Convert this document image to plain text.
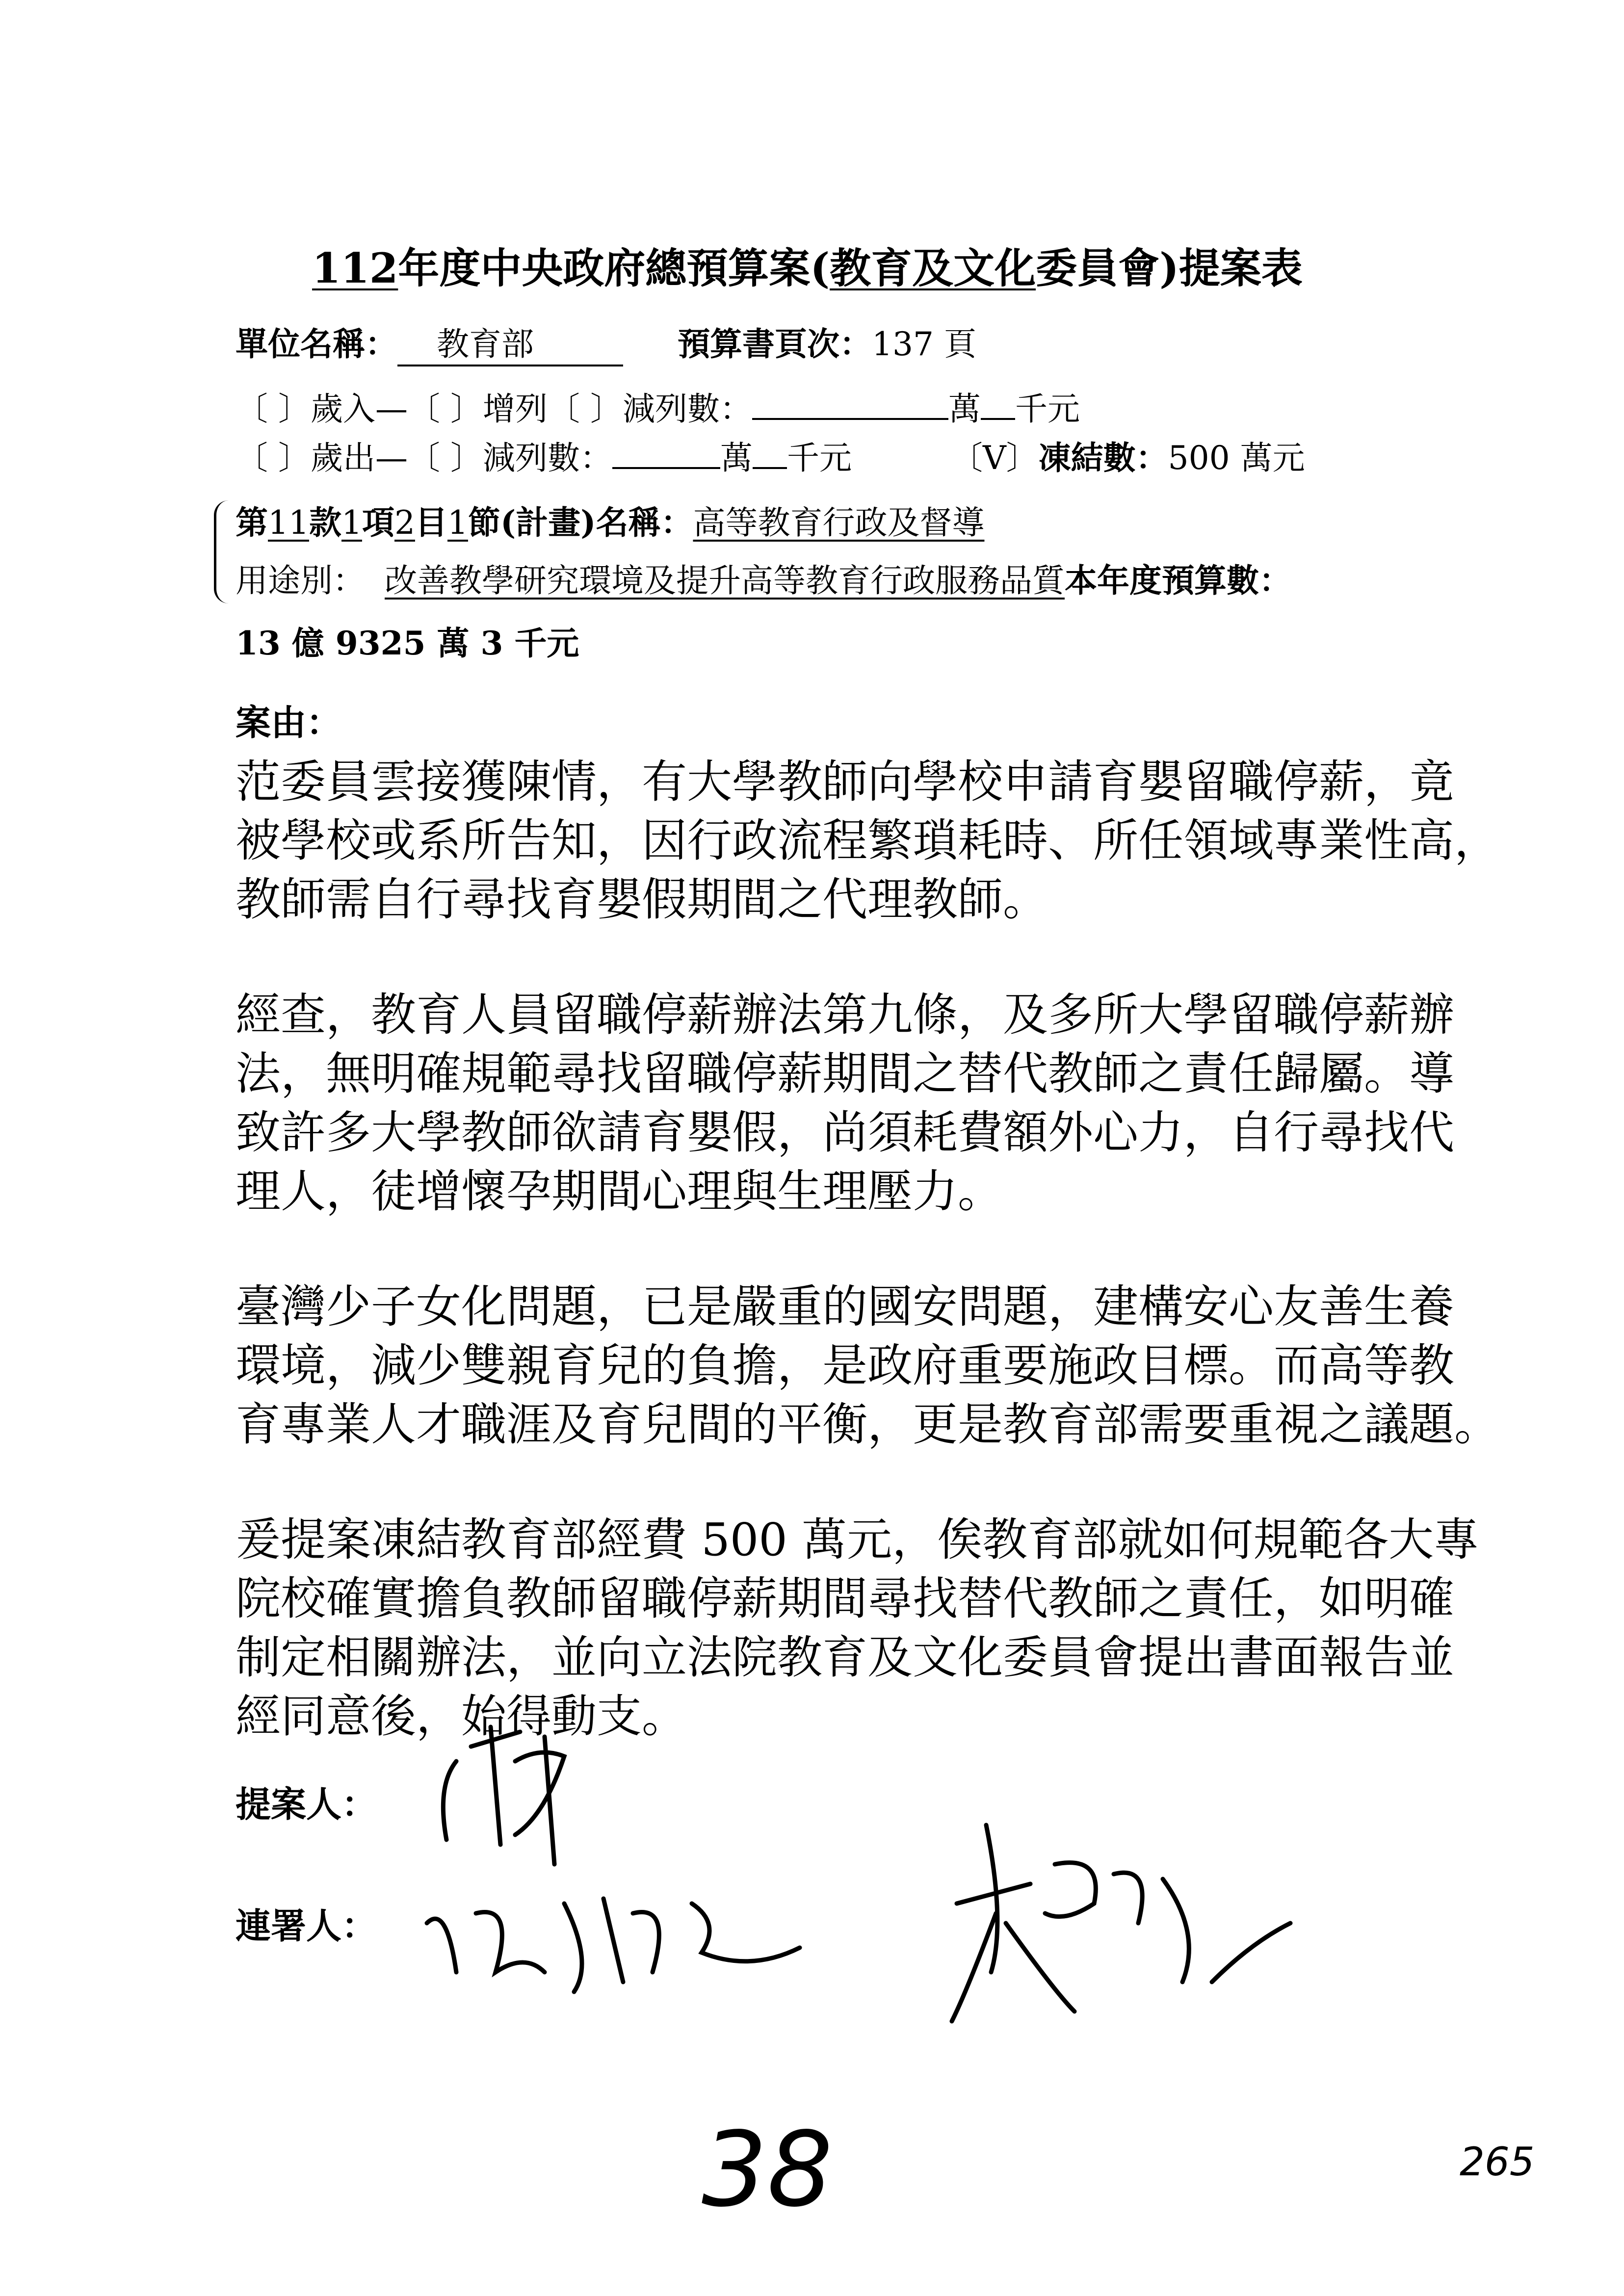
112年度中央政府總預算案(教育及文化委員會)提案表
單位名稱： 教育部	預算書頁次：137 頁
〔 〕歲入—〔 〕增列〔 〕減列數：	萬 千元
〔 〕歲出—〔 〕減列數：	萬 千元	〔V〕凍結數：500 萬元
第11款1項2目1節(計畫)名稱：高等教育行政及督導
用途別： 改善教學研究環境及提升高等教育行政服務品質本年度預算數：
13 億 9325 萬 3 千元
案由：
范委員雲接獲陳情，有大學教師向學校申請育嬰留職停薪，竟
被學校或系所告知，因行政流程繁瑣耗時、所任領域專業性高，
教師需自行尋找育嬰假期間之代理教師。
經查，教育人員留職停薪辦法第九條，及多所大學留職停薪辦
法，無明確規範尋找留職停薪期間之替代教師之責任歸屬。導
致許多大學教師欲請育嬰假，尚須耗費額外心力，自行尋找代
理人，徒增懷孕期間心理與生理壓力。
臺灣少子女化問題，已是嚴重的國安問題，建構安心友善生養
環境，減少雙親育兒的負擔，是政府重要施政目標。而高等教
育專業人才職涯及育兒間的平衡，更是教育部需要重視之議題。
爰提案凍結教育部經費 500 萬元，俟教育部就如何規範各大專
院校確實擔負教師留職停薪期間尋找替代教師之責任，如明確
制定相關辦法，並向立法院教育及文化委員會提出書面報告並
經同意後，始得動支。
提案人：
連署人：
38	265
